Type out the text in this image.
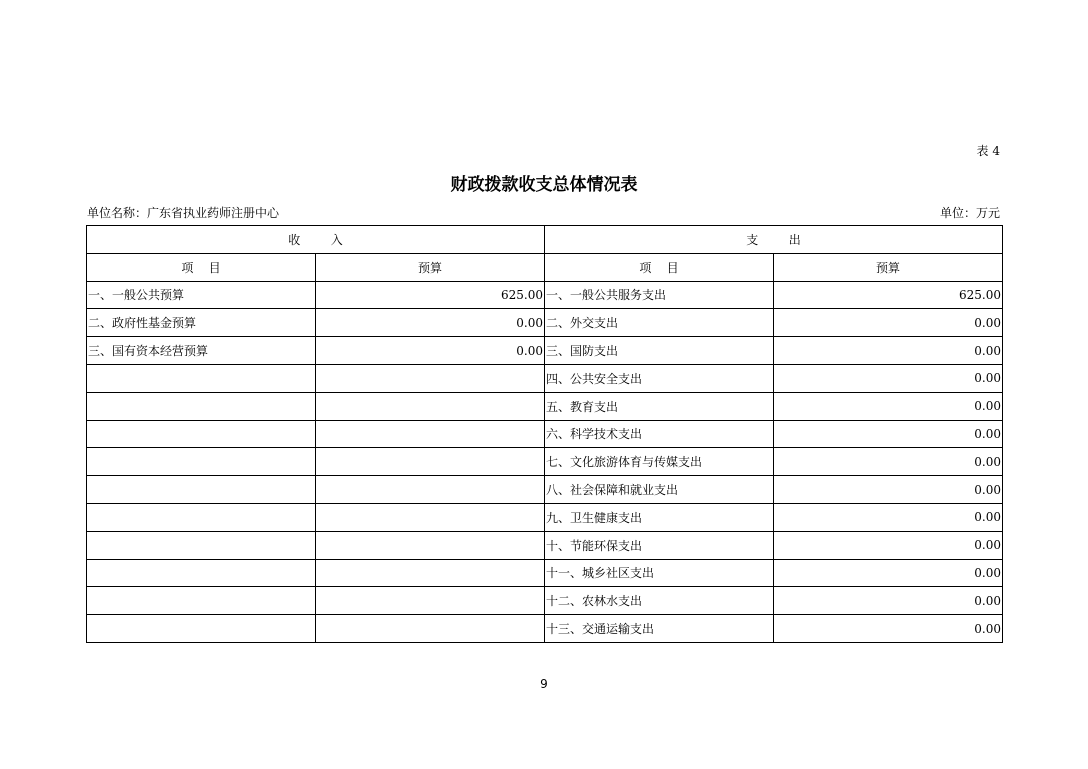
表 4
财政拨款收支总体情况表
单位名称：广东省执业药师注册中心	单位：万元
收        入		支        出	
项    目	预算	项    目	预算
一、一般公共预算	625.00	一、一般公共服务支出	625.00
二、政府性基金预算	0.00	二、外交支出	0.00
三、国有资本经营预算	0.00	三、国防支出	0.00
		四、公共安全支出	0.00
		五、教育支出	0.00
		六、科学技术支出	0.00
		七、文化旅游体育与传媒支出	0.00
		八、社会保障和就业支出	0.00
		九、卫生健康支出	0.00
		十、节能环保支出	0.00
		十一、城乡社区支出	0.00
		十二、农林水支出	0.00
		十三、交通运输支出	0.00
9
